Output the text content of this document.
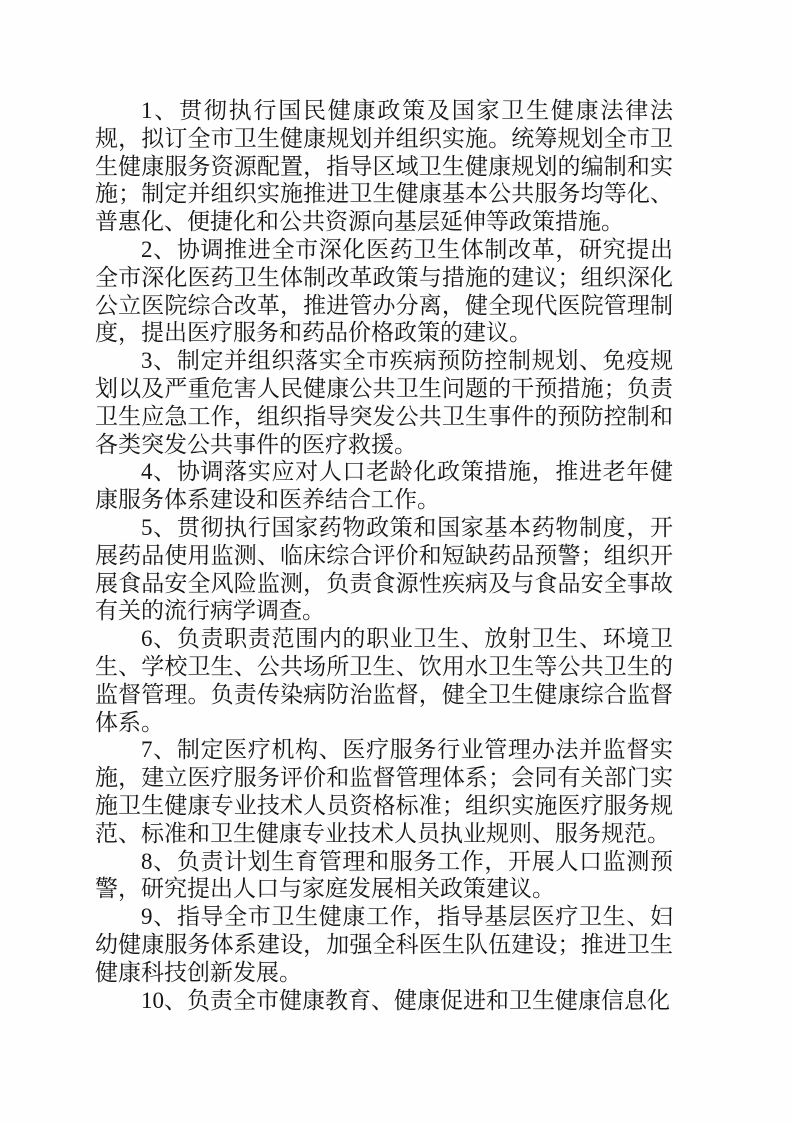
1、贯彻执行国民健康政策及国家卫生健康法律法规，拟订全市卫生健康规划并组织实施。统筹规划全市卫生健康服务资源配置，指导区域卫生健康规划的编制和实施；制定并组织实施推进卫生健康基本公共服务均等化、普惠化、便捷化和公共资源向基层延伸等政策措施。

2、协调推进全市深化医药卫生体制改革，研究提出全市深化医药卫生体制改革政策与措施的建议；组织深化公立医院综合改革，推进管办分离，健全现代医院管理制度，提出医疗服务和药品价格政策的建议。

3、制定并组织落实全市疾病预防控制规划、免疫规划以及严重危害人民健康公共卫生问题的干预措施；负责卫生应急工作，组织指导突发公共卫生事件的预防控制和各类突发公共事件的医疗救援。

4、协调落实应对人口老龄化政策措施，推进老年健康服务体系建设和医养结合工作。

5、贯彻执行国家药物政策和国家基本药物制度，开展药品使用监测、临床综合评价和短缺药品预警；组织开展食品安全风险监测，负责食源性疾病及与食品安全事故有关的流行病学调查。

6、负责职责范围内的职业卫生、放射卫生、环境卫生、学校卫生、公共场所卫生、饮用水卫生等公共卫生的监督管理。负责传染病防治监督，健全卫生健康综合监督体系。

7、制定医疗机构、医疗服务行业管理办法并监督实施，建立医疗服务评价和监督管理体系；会同有关部门实施卫生健康专业技术人员资格标准；组织实施医疗服务规范、标准和卫生健康专业技术人员执业规则、服务规范。

8、负责计划生育管理和服务工作，开展人口监测预警，研究提出人口与家庭发展相关政策建议。

9、指导全市卫生健康工作，指导基层医疗卫生、妇幼健康服务体系建设，加强全科医生队伍建设；推进卫生健康科技创新发展。

10、负责全市健康教育、健康促进和卫生健康信息化
